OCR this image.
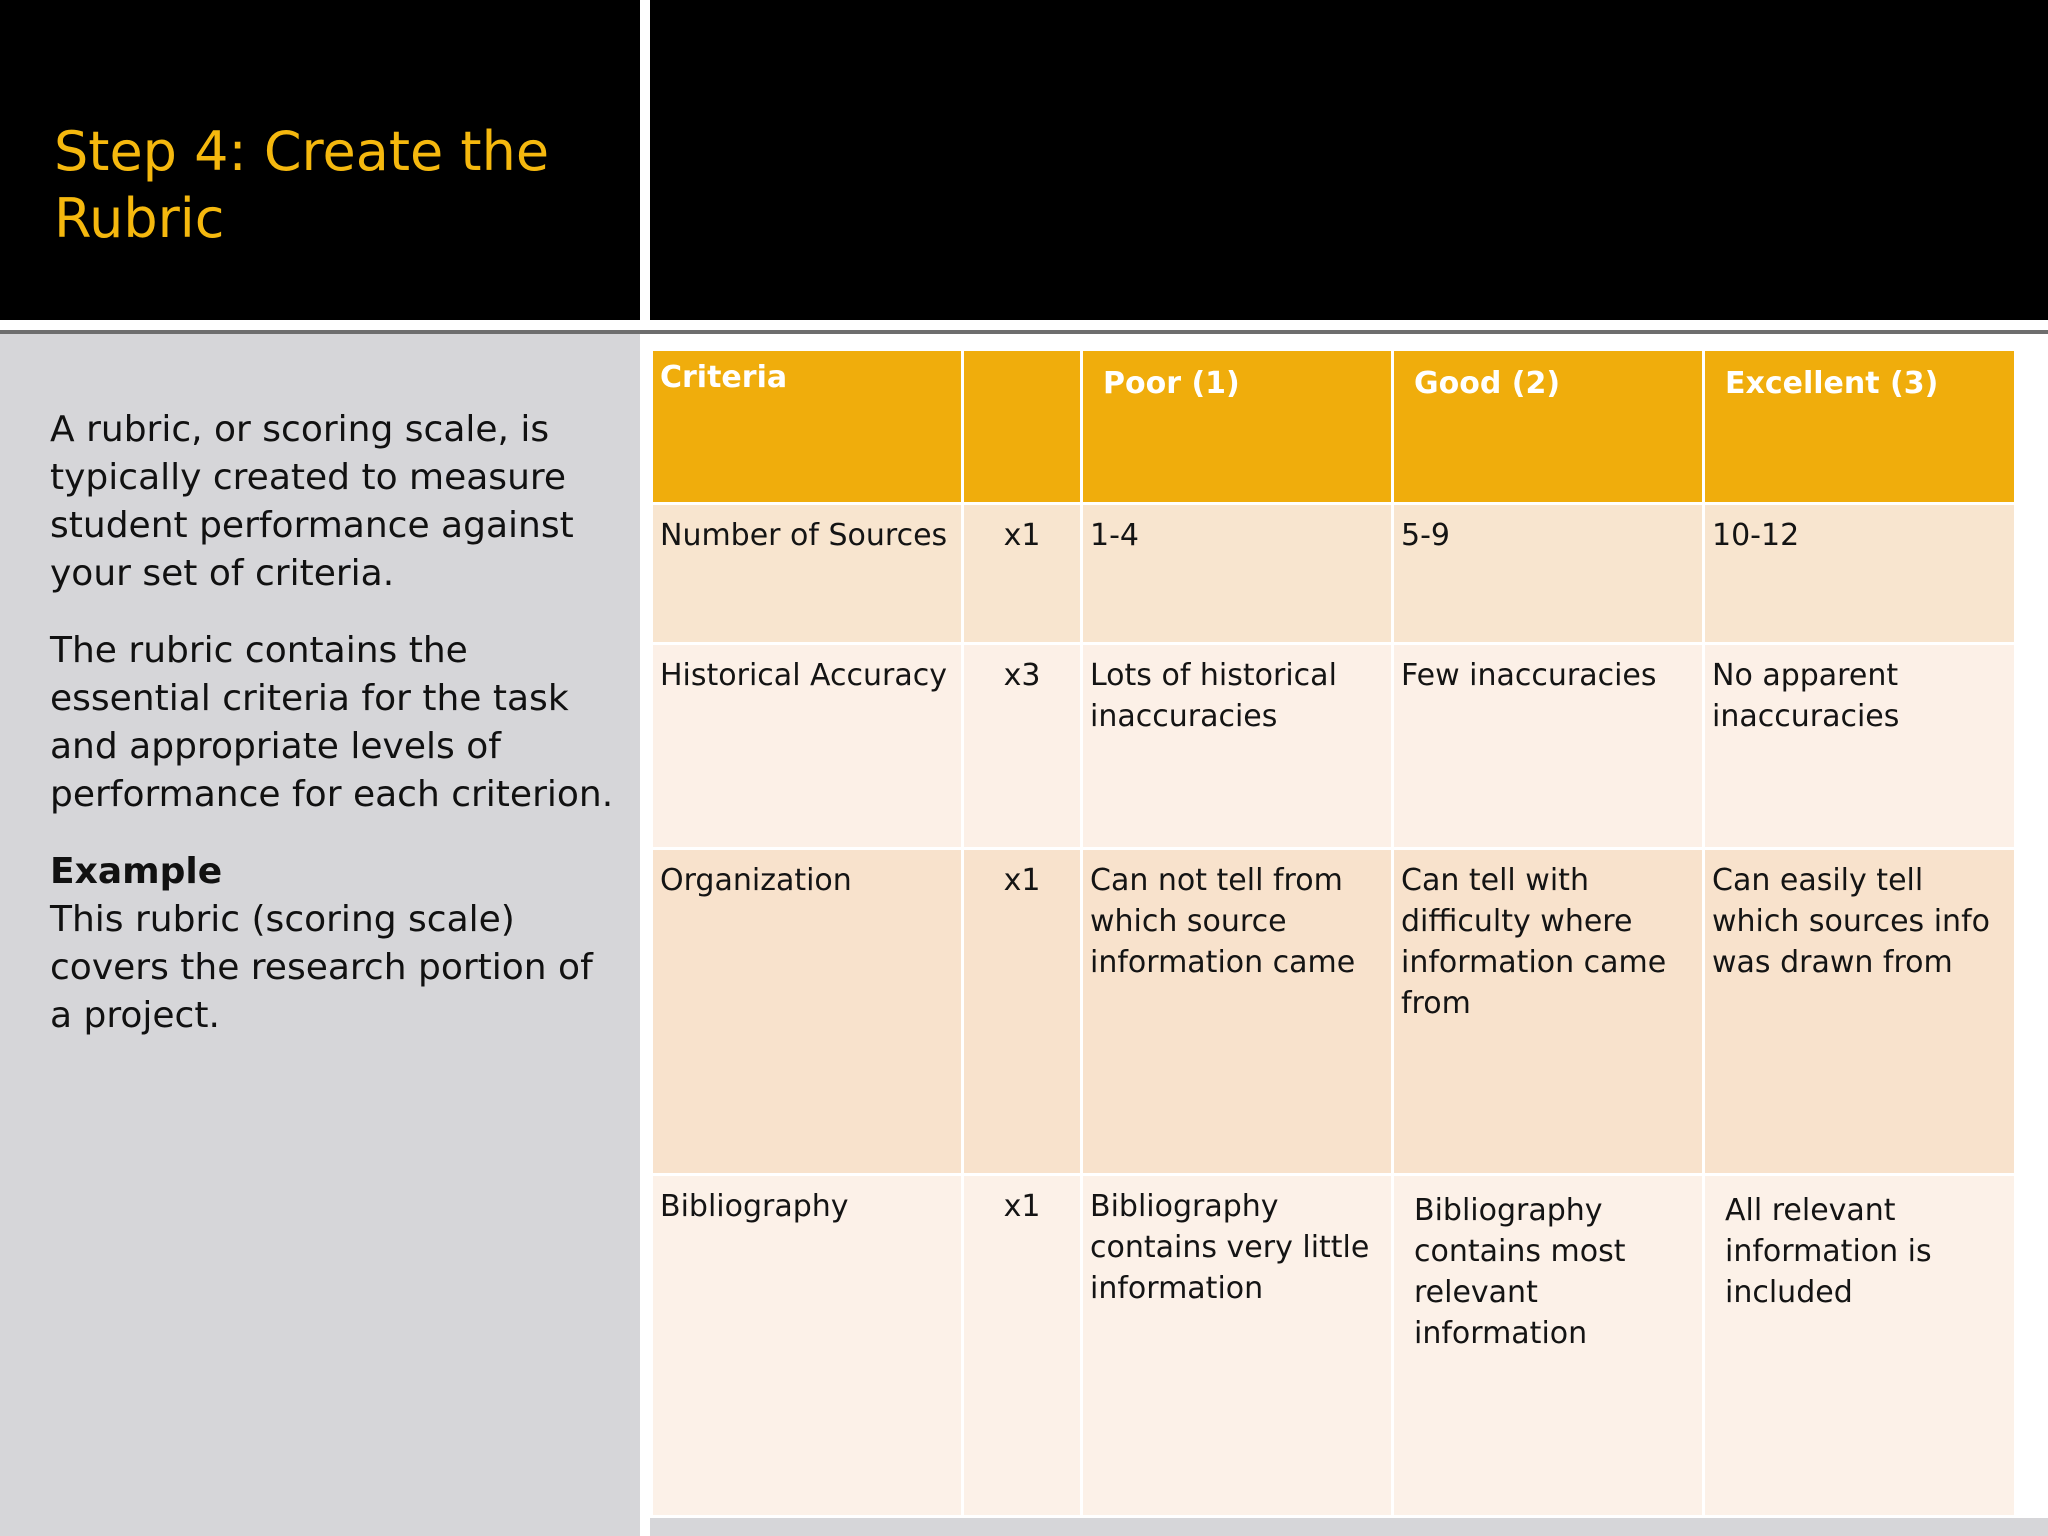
Step 4: Create the Rubric

A rubric, or scoring scale, is typically created to measure student performance against your set of criteria.

The rubric contains the essential criteria for the task and appropriate levels of performance for each criterion.

Example
This rubric (scoring scale) covers the research portion of a project.

Criteria		Poor (1)	Good (2)	Excellent (3)
Number of Sources	x1	1-4	5-9	10-12
Historical Accuracy	x3	Lots of historical inaccuracies	Few inaccuracies	No apparent inaccuracies
Organization	x1	Can not tell from which source information came	Can tell with difficulty where information came from	Can easily tell which sources info was drawn from
Bibliography	x1	Bibliography contains very little information	Bibliography contains most relevant information	All relevant information is included
